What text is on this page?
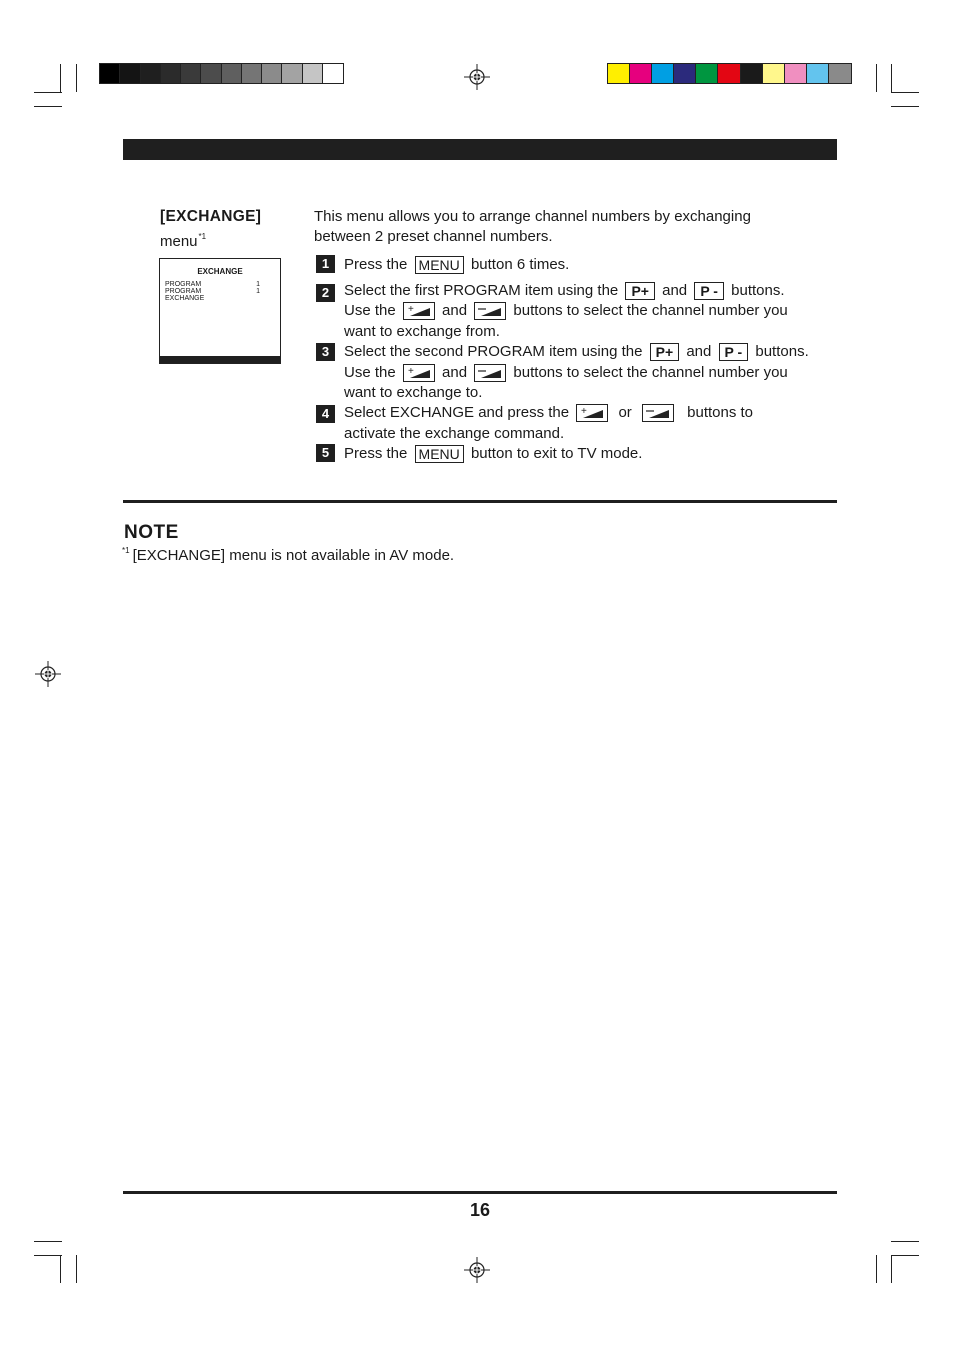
[EXCHANGE]
menu$^{*1}$
EXCHANGE
PROGRAM	1
PROGRAM	1
EXCHANGE
This menu allows you to arrange channel numbers by exchanging between 2 preset channel numbers.
1 Press the MENU button 6 times.
2 Select the first PROGRAM item using the P+ and P - buttons.
Use the + and	buttons to select the channel number you
want to exchange from.
3 Select the second PROGRAM item using the P+ and P - buttons.
Use the + and	buttons to select the channel number you
want to exchange to.
4 Select EXCHANGE and press the + or	buttons to
activate the exchange command.
5 Press the MENU button to exit to TV mode.
NOTE
$^{*1}$ [EXCHANGE] menu is not available in AV mode.
16
